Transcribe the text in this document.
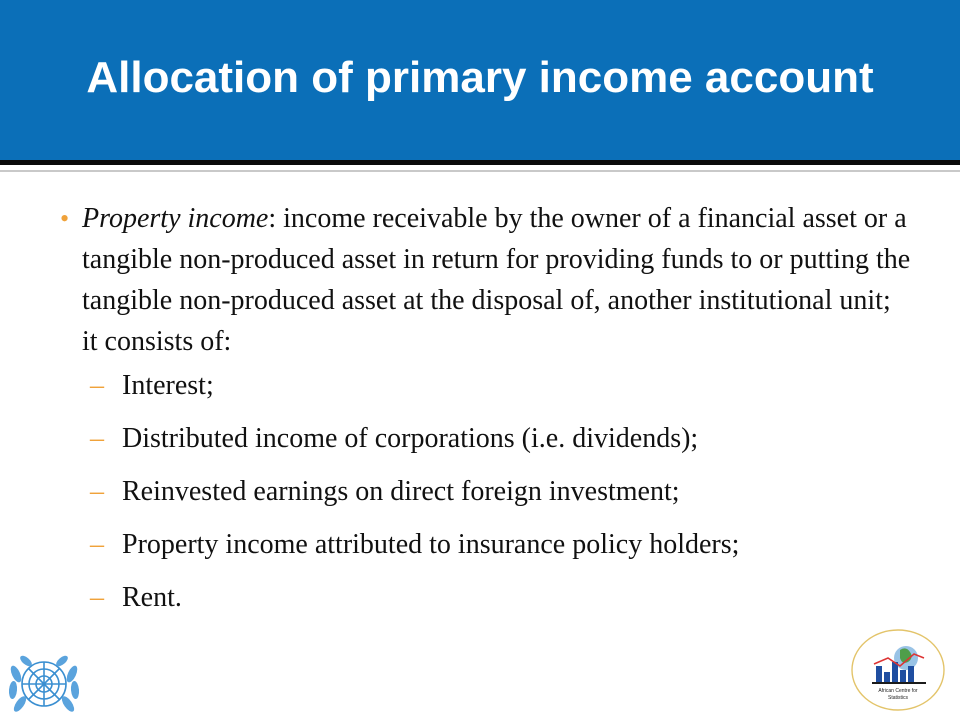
Allocation of primary income account
• Property income: income receivable by the owner of a financial asset or a tangible non-produced asset in return for providing funds to or putting the tangible non-produced asset at the disposal of, another institutional unit; it consists of:
– Interest;
– Distributed income of corporations (i.e. dividends);
– Reinvested earnings on direct foreign investment;
– Property income attributed to insurance policy holders;
– Rent.
African Centre for
Statistics
